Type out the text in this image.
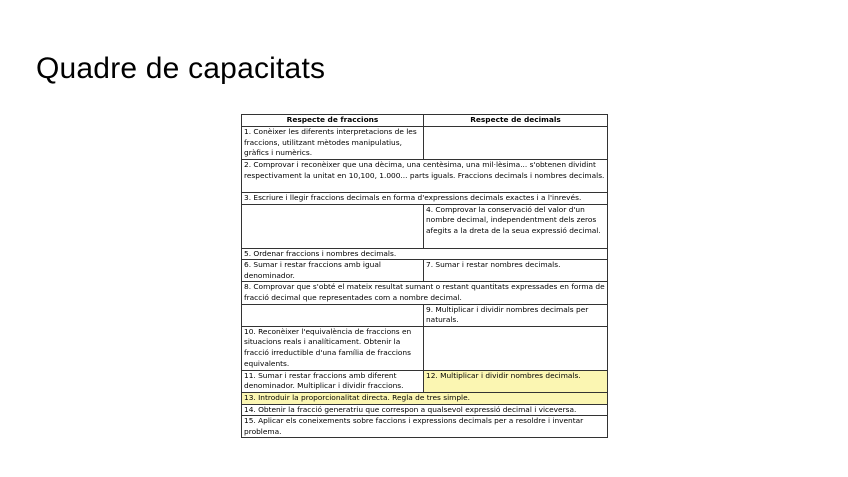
Quadre de capacitats
Respecte de fraccions	Respecte de decimals
1. Conèixer les diferents interpretacions de les fraccions, utilitzant mètodes manipulatius, gràfics i numèrics.	
2. Comprovar i reconèixer que una dècima, una centèsima, una mil·lèsima... s'obtenen dividint respectivament la unitat en 10,100, 1.000... parts iguals. Fraccions decimals i nombres decimals.	
3. Escriure i llegir fraccions decimals en forma d'expressions decimals exactes i a l'inrevés.	
	4. Comprovar la conservació del valor d'un nombre decimal, independentment dels zeros afegits a la dreta de la seua expressió decimal.
5. Ordenar fraccions i nombres decimals.	
6. Sumar i restar fraccions amb igual denominador.	7. Sumar i restar nombres decimals.
8. Comprovar que s'obté el mateix resultat sumant o restant quantitats expressades en forma de fracció decimal que representades com a nombre decimal.	
	9. Multiplicar i dividir nombres decimals per naturals.
10. Reconèixer l'equivalència de fraccions en situacions reals i analíticament. Obtenir la fracció irreductible d'una família de fraccions equivalents.	
11. Sumar i restar fraccions amb diferent denominador. Multiplicar i dividir fraccions.	12. Multiplicar i dividir nombres decimals.
13. Introduir la proporcionalitat directa. Regla de tres simple.	
14. Obtenir la fracció generatriu que correspon a qualsevol expressió decimal i viceversa.	
15. Aplicar els coneixements sobre faccions i expressions decimals per a resoldre i inventar problema.	
